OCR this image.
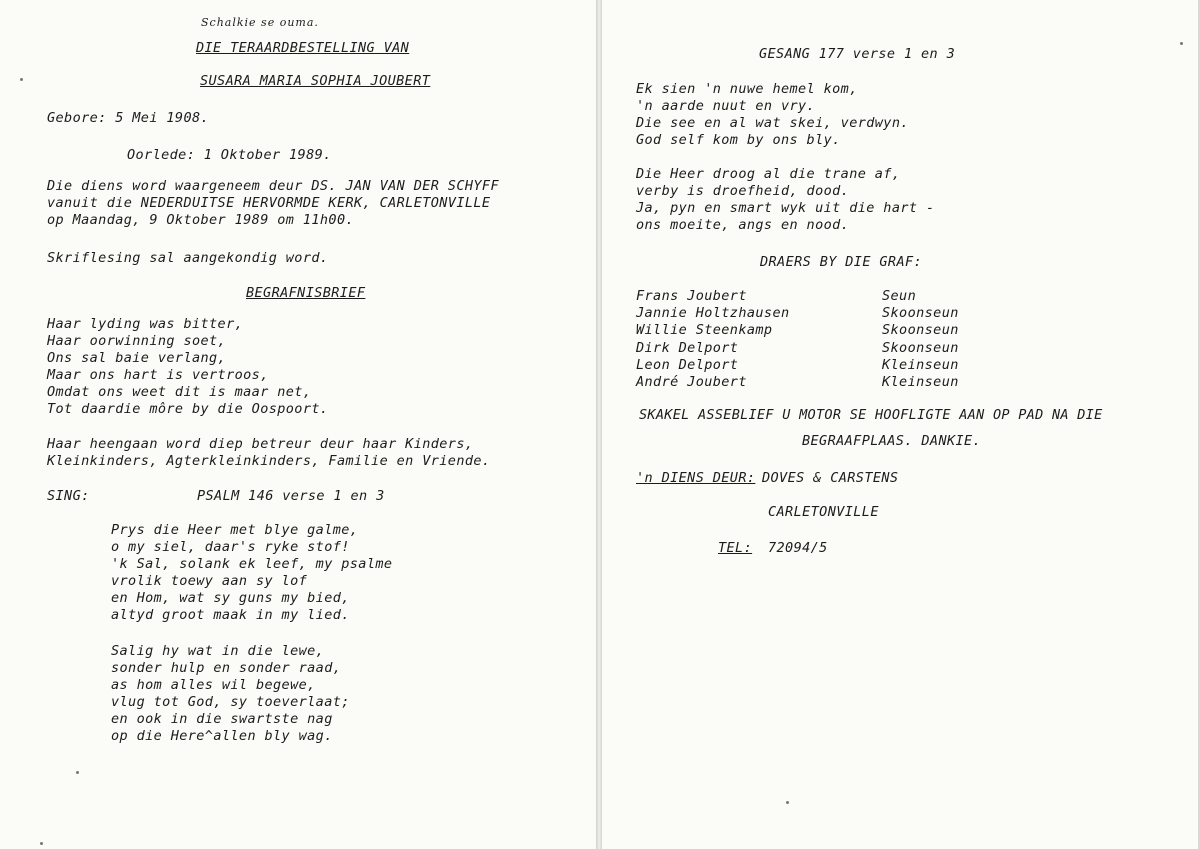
Schalkie se ouma.
DIE TERAARDBESTELLING VAN
SUSARA MARIA SOPHIA JOUBERT
Gebore: 5 Mei 1908.
Oorlede: 1 Oktober 1989.
Die diens word waargeneem deur DS. JAN VAN DER SCHYFF
vanuit die NEDERDUITSE HERVORMDE KERK, CARLETONVILLE
op Maandag, 9 Oktober 1989 om 11h00.
Skriflesing sal aangekondig word.
BEGRAFNISBRIEF
Haar lyding was bitter,
Haar oorwinning soet,
Ons sal baie verlang,
Maar ons hart is vertroos,
Omdat ons weet dit is maar net,
Tot daardie môre by die Oospoort.
Haar heengaan word diep betreur deur haar Kinders,
Kleinkinders, Agterkleinkinders, Familie en Vriende.
SING:	PSALM 146 verse 1 en 3
Prys die Heer met blye galme,
o my siel, daar's ryke stof!
'k Sal, solank ek leef, my psalme
vrolik toewy aan sy lof
en Hom, wat sy guns my bied,
altyd groot maak in my lied.
Salig hy wat in die lewe,
sonder hulp en sonder raad,
as hom alles wil begewe,
vlug tot God, sy toeverlaat;
en ook in die swartste nag
op die Here^allen bly wag.
GESANG 177 verse 1 en 3
Ek sien 'n nuwe hemel kom,
'n aarde nuut en vry.
Die see en al wat skei, verdwyn.
God self kom by ons bly.
Die Heer droog al die trane af,
verby is droefheid, dood.
Ja, pyn en smart wyk uit die hart -
ons moeite, angs en nood.
DRAERS BY DIE GRAF:
Frans Joubert	Seun
Jannie Holtzhausen	Skoonseun
Willie Steenkamp	Skoonseun
Dirk Delport	Skoonseun
Leon Delport	Kleinseun
André Joubert	Kleinseun
SKAKEL ASSEBLIEF U MOTOR SE HOOFLIGTE AAN OP PAD NA DIE
BEGRAAFPLAAS. DANKIE.
'n DIENS DEUR: DOVES & CARSTENS
CARLETONVILLE
TEL: 72094/5
